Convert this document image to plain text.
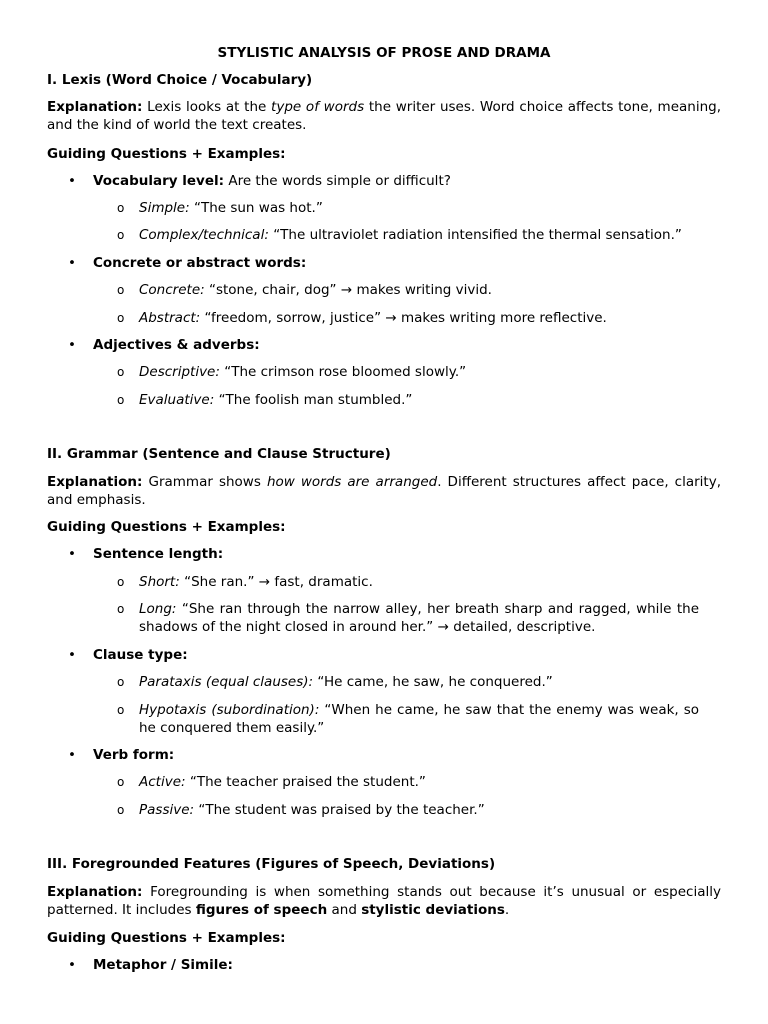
STYLISTIC ANALYSIS OF PROSE AND DRAMA

I. Lexis (Word Choice / Vocabulary)

Explanation: Lexis looks at the type of words the writer uses. Word choice affects tone, meaning, and the kind of world the text creates.

Guiding Questions + Examples:

• Vocabulary level: Are the words simple or difficult?
o Simple: “The sun was hot.”
o Complex/technical: “The ultraviolet radiation intensified the thermal sensation.”
• Concrete or abstract words:
o Concrete: “stone, chair, dog” → makes writing vivid.
o Abstract: “freedom, sorrow, justice” → makes writing more reflective.
• Adjectives & adverbs:
o Descriptive: “The crimson rose bloomed slowly.”
o Evaluative: “The foolish man stumbled.”

II. Grammar (Sentence and Clause Structure)

Explanation: Grammar shows how words are arranged. Different structures affect pace, clarity, and emphasis.

Guiding Questions + Examples:

• Sentence length:
o Short: “She ran.” → fast, dramatic.
o Long: “She ran through the narrow alley, her breath sharp and ragged, while the shadows of the night closed in around her.” → detailed, descriptive.
• Clause type:
o Parataxis (equal clauses): “He came, he saw, he conquered.”
o Hypotaxis (subordination): “When he came, he saw that the enemy was weak, so he conquered them easily.”
• Verb form:
o Active: “The teacher praised the student.”
o Passive: “The student was praised by the teacher.”

III. Foregrounded Features (Figures of Speech, Deviations)

Explanation: Foregrounding is when something stands out because it’s unusual or especially patterned. It includes figures of speech and stylistic deviations.

Guiding Questions + Examples:

• Metaphor / Simile:
